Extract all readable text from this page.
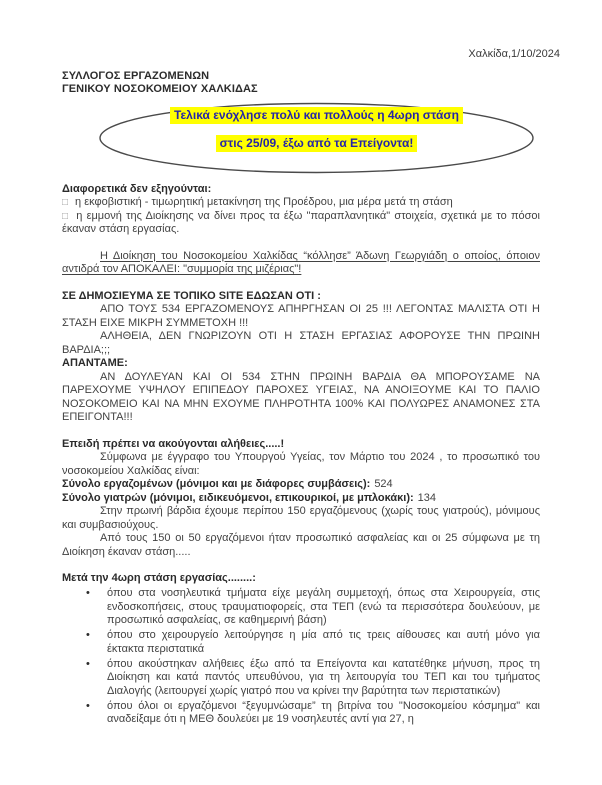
Χαλκίδα,1/10/2024
ΣΥΛΛΟΓΟΣ ΕΡΓΑΖΟΜΕΝΩΝ
ΓΕΝΙΚΟΥ ΝΟΣΟΚΟΜΕΙΟΥ ΧΑΛΚΙΔΑΣ
Τελικά ενόχλησε πολύ και πολλούς η 4ωρη στάση
στις 25/09, έξω από τα Επείγοντα!

Διαφορετικά δεν εξηγούνται:

□ η εκφοβιστική - τιμωρητική μετακίνηση της Προέδρου, μια μέρα μετά τη στάση

□ η εμμονή της Διοίκησης να δίνει προς τα έξω "παραπλανητικά" στοιχεία, σχετικά με το πόσοι έκαναν στάση εργασίας.

Η Διοίκηση του Νοσοκομείου Χαλκίδας “κόλλησε” Άδωνη Γεωργιάδη ο οποίος, όποιον αντιδρά τον ΑΠΟΚΑΛΕΙ: "συμμορία της μιζέριας"!

ΣΕ ΔΗΜΟΣΙΕΥΜΑ ΣΕ ΤΟΠΙΚΟ SITE ΕΔΩΣΑΝ ΟΤΙ :

ΑΠΟ ΤΟΥΣ 534 ΕΡΓΑΖΟΜΕΝΟΥΣ ΑΠΗΡΓΗΣΑΝ ΟΙ 25 !!! ΛΕΓΟΝΤΑΣ ΜΑΛΙΣΤΑ ΟΤΙ Η ΣΤΑΣΗ ΕΙΧΕ ΜΙΚΡΗ ΣΥΜΜΕΤΟΧΗ !!!

ΑΛΗΘΕΙΑ, ΔΕΝ ΓΝΩΡΙΖΟΥΝ ΟΤΙ Η ΣΤΑΣΗ ΕΡΓΑΣΙΑΣ ΑΦΟΡΟΥΣΕ ΤΗΝ ΠΡΩΙΝΗ ΒΑΡΔΙΑ;;;

ΑΠΑΝΤΑΜΕ:

ΑΝ ΔΟΥΛΕΥΑΝ ΚΑΙ ΟΙ 534 ΣΤΗΝ ΠΡΩΙΝΗ ΒΑΡΔΙΑ ΘΑ ΜΠΟΡΟΥΣΑΜΕ ΝΑ ΠΑΡΕΧΟΥΜΕ ΥΨΗΛΟΥ ΕΠΙΠΕΔΟΥ ΠΑΡΟΧΕΣ ΥΓΕΙΑΣ, ΝΑ ΑΝΟΙΞΟΥΜΕ ΚΑΙ ΤΟ ΠΑΛΙΟ ΝΟΣΟΚΟΜΕΙΟ ΚΑΙ ΝΑ ΜΗΝ ΕΧΟΥΜΕ ΠΛΗΡΟΤΗΤΑ 100% ΚΑΙ ΠΟΛΥΩΡΕΣ ΑΝΑΜΟΝΕΣ ΣΤΑ ΕΠΕΙΓΟΝΤΑ!!!

Επειδή πρέπει να ακούγονται αλήθειες.....!

Σύμφωνα με έγγραφο του Υπουργού Υγείας, τον Μάρτιο του 2024 , το προσωπικό του νοσοκομείου Χαλκίδας είναι:

Σύνολο εργαζομένων (μόνιμοι και με διάφορες συμβάσεις): 524

Σύνολο γιατρών (μόνιμοι, ειδικευόμενοι, επικουρικοί, με μπλοκάκι): 134

Στην πρωινή βάρδια έχουμε περίπου 150 εργαζόμενους (χωρίς τους γιατρούς), μόνιμους και συμβασιούχους.

Από τους 150 οι 50 εργαζόμενοι ήταν προσωπικό ασφαλείας και οι 25 σύμφωνα με τη Διοίκηση έκαναν στάση.....

Μετά την 4ωρη στάση εργασίας........:

•	όπου στα νοσηλευτικά τμήματα είχε μεγάλη συμμετοχή, όπως στα Χειρουργεία, στις ενδοσκοπήσεις, στους τραυματιοφορείς, στα ΤΕΠ (ενώ τα περισσότερα δουλεύουν, με προσωπικό ασφαλείας, σε καθημερινή βάση)
•	όπου στο χειρουργείο λειτούργησε η μία από τις τρεις αίθουσες και αυτή μόνο για έκτακτα περιστατικά
•	όπου ακούστηκαν αλήθειες έξω από τα Επείγοντα και κατατέθηκε μήνυση, προς τη Διοίκηση και κατά παντός υπευθύνου, για τη λειτουργία του ΤΕΠ και του τμήματος Διαλογής (λειτουργεί χωρίς γιατρό που να κρίνει την βαρύτητα των περιστατικών)
•	όπου όλοι οι εργαζόμενοι “ξεγυμνώσαμε” τη βιτρίνα του "Νοσοκομείου κόσμημα" και αναδείξαμε ότι η ΜΕΘ δουλεύει με 19 νοσηλευτές αντί για 27, η
